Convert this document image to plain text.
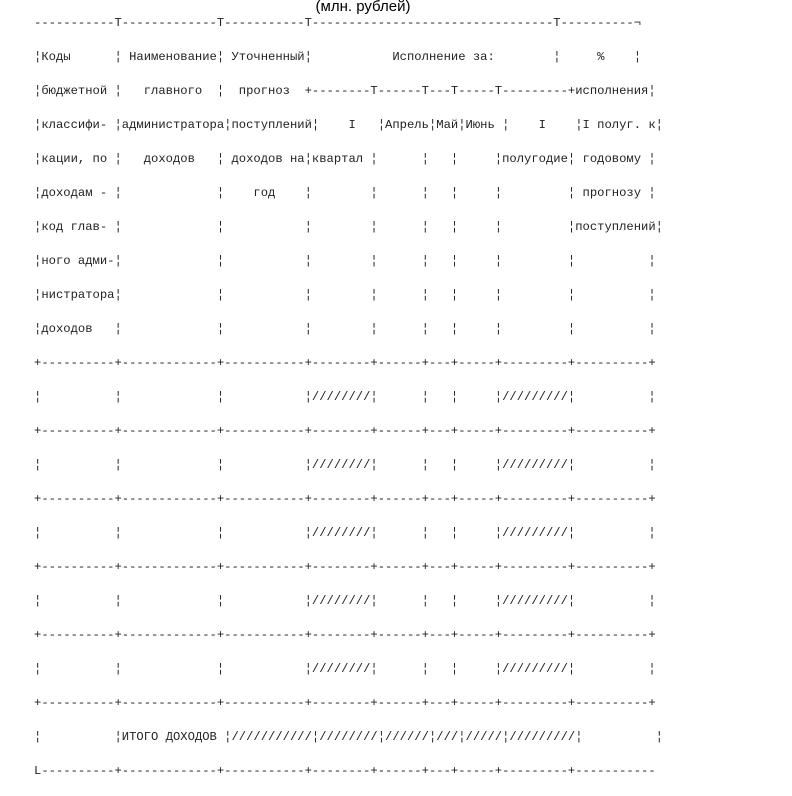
(млн. рублей)
-----------T-------------T-----------T---------------------------------T----------¬
¦Коды      ¦ Наименование¦ Уточненный¦           Исполнение за:        ¦     %    ¦
¦бюджетной ¦   главного  ¦  прогноз  +--------T------T---T-----T---------+исполнения¦
¦классифи- ¦администратора¦поступлений¦    I   ¦Апрель¦Май¦Июнь ¦    I    ¦I полуг. к¦
¦кации, по ¦   доходов   ¦ доходов на¦квартал ¦      ¦   ¦     ¦полугодие¦ годовому ¦
¦доходам - ¦             ¦    год    ¦        ¦      ¦   ¦     ¦         ¦ прогнозу ¦
¦код глав- ¦             ¦           ¦        ¦      ¦   ¦     ¦         ¦поступлений¦
¦ного адми-¦             ¦           ¦        ¦      ¦   ¦     ¦         ¦          ¦
¦нистратора¦             ¦           ¦        ¦      ¦   ¦     ¦         ¦          ¦
¦доходов   ¦             ¦           ¦        ¦      ¦   ¦     ¦         ¦          ¦
+----------+-------------+-----------+--------+------+---+-----+---------+----------+
¦          ¦             ¦           ¦////////¦      ¦   ¦     ¦/////////¦          ¦
+----------+-------------+-----------+--------+------+---+-----+---------+----------+
¦          ¦             ¦           ¦////////¦      ¦   ¦     ¦/////////¦          ¦
+----------+-------------+-----------+--------+------+---+-----+---------+----------+
¦          ¦             ¦           ¦////////¦      ¦   ¦     ¦/////////¦          ¦
+----------+-------------+-----------+--------+------+---+-----+---------+----------+
¦          ¦             ¦           ¦////////¦      ¦   ¦     ¦/////////¦          ¦
+----------+-------------+-----------+--------+------+---+-----+---------+----------+
¦          ¦             ¦           ¦////////¦      ¦   ¦     ¦/////////¦          ¦
+----------+-------------+-----------+--------+------+---+-----+---------+----------+
¦          ¦ИТОГО ДОХОДОВ ¦///////////¦////////¦//////¦///¦/////¦/////////¦          ¦
L----------+-------------+-----------+--------+------+---+-----+---------+-----------
